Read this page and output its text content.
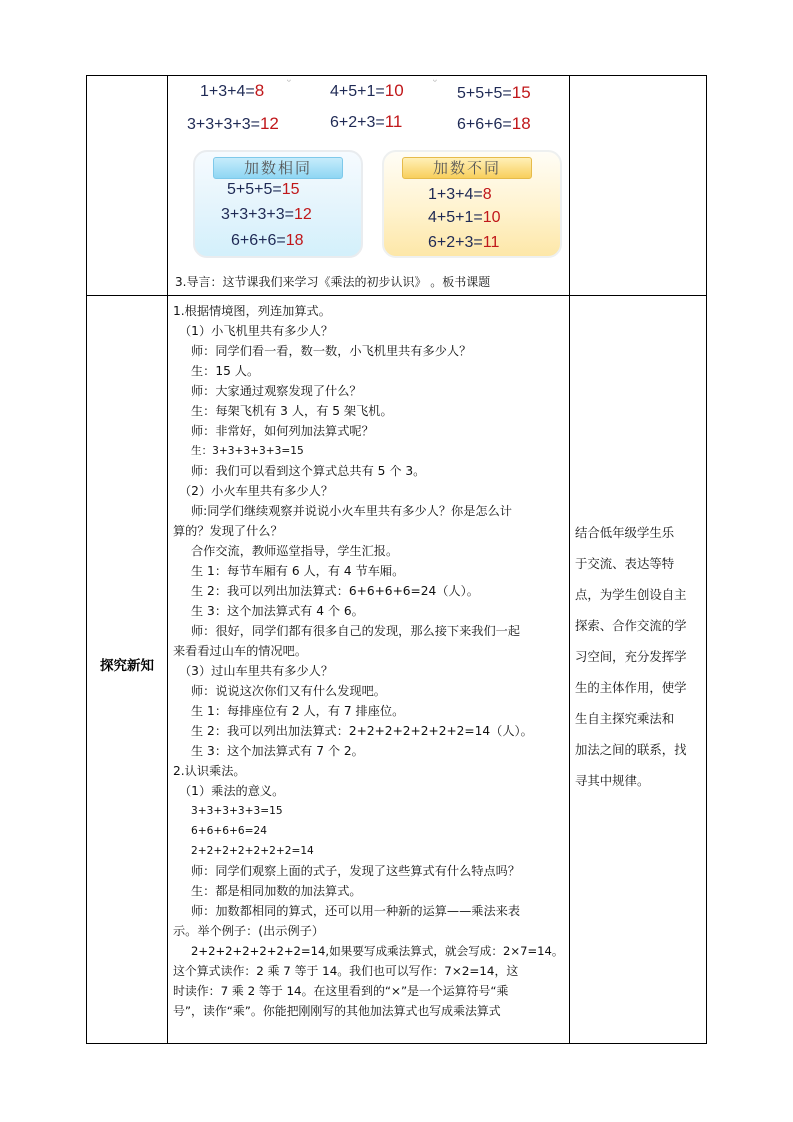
ᵕ	ᵕ
1+3+4=8	4+5+1=10	5+5+5=15
3+3+3+3=12	6+2+3=11	6+6+6=18
加数相同
5+5+5=15
3+3+3+3=12
6+6+6=18
加数不同
1+3+4=8
4+5+1=10
6+2+3=11
3.导言：这节课我们来学习《乘法的初步认识》 。板书课题
探究新知
1.根据情境图，列连加算式。
（1）小飞机里共有多少人？
师：同学们看一看，数一数，小飞机里共有多少人？
生：15 人。
师：大家通过观察发现了什么？
生：每架飞机有 3 人，有 5 架飞机。
师：非常好，如何列加法算式呢？
生：3+3+3+3+3=15
师：我们可以看到这个算式总共有 5 个 3。
（2）小火车里共有多少人？
师:同学们继续观察并说说小火车里共有多少人？你是怎么计
算的？发现了什么？
合作交流，教师巡堂指导，学生汇报。
生 1：每节车厢有 6 人，有 4 节车厢。
生 2：我可以列出加法算式：6+6+6+6=24（人）。
生 3：这个加法算式有 4 个 6。
师：很好，同学们都有很多自己的发现，那么接下来我们一起
来看看过山车的情况吧。
（3）过山车里共有多少人？
师：说说这次你们又有什么发现吧。
生 1：每排座位有 2 人，有 7 排座位。
生 2：我可以列出加法算式：2+2+2+2+2+2+2=14（人）。
生 3：这个加法算式有 7 个 2。
2.认识乘法。
（1）乘法的意义。
3+3+3+3+3=15
6+6+6+6=24
2+2+2+2+2+2+2=14
师：同学们观察上面的式子，发现了这些算式有什么特点吗？
生：都是相同加数的加法算式。
师：加数都相同的算式，还可以用一种新的运算——乘法来表
示。举个例子：(出示例子）
2+2+2+2+2+2+2=14,如果要写成乘法算式，就会写成：2×7=14。
这个算式读作：2 乘 7 等于 14。我们也可以写作：7×2=14，这
时读作：7 乘 2 等于 14。在这里看到的“×”是一个运算符号“乘
号”，读作“乘”。你能把刚刚写的其他加法算式也写成乘法算式
结合低年级学生乐
于交流、表达等特
点，为学生创设自主
探索、合作交流的学
习空间，充分发挥学
生的主体作用，使学
生自主探究乘法和
加法之间的联系，找
寻其中规律。
